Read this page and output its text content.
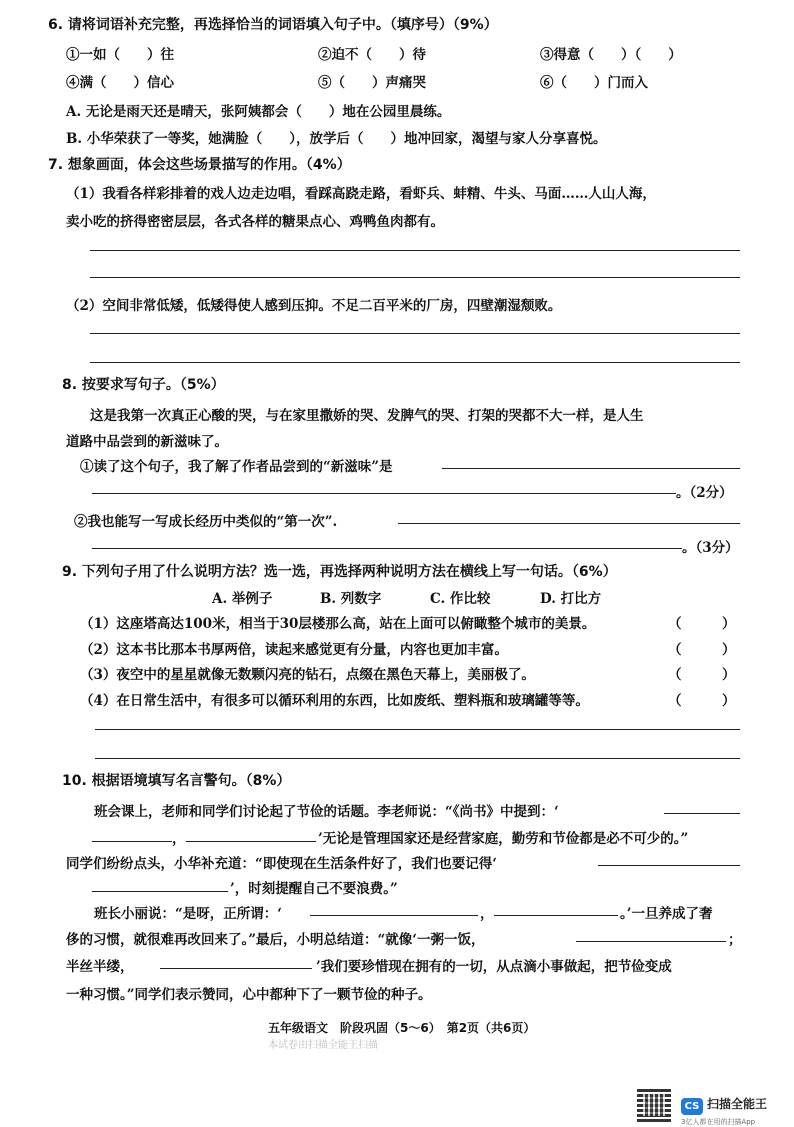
6. 请将词语补充完整，再选择恰当的词语填入句子中。（填序号）（9%）
①一如（　　）往	②迫不（　　）待	③得意（　　）（　　）
④满（　　）信心	⑤（　　）声痛哭	⑥（　　）门而入
A. 无论是雨天还是晴天，张阿姨都会（　　）地在公园里晨练。
B. 小华荣获了一等奖，她满脸（　　），放学后（　　）地冲回家，渴望与家人分享喜悦。
7. 想象画面，体会这些场景描写的作用。（4%）
（1）我看各样彩排着的戏人边走边唱，看踩高跷走路，看虾兵、蚌精、牛头、马面……人山人海，
卖小吃的挤得密密层层，各式各样的糖果点心、鸡鸭鱼肉都有。
（2）空间非常低矮，低矮得使人感到压抑。不足二百平米的厂房，四壁潮湿颓败。
8. 按要求写句子。（5%）
这是我第一次真正心酸的哭，与在家里撒娇的哭、发脾气的哭、打架的哭都不大一样，是人生
道路中品尝到的新滋味了。
①读了这个句子，我了解了作者品尝到的“新滋味”是
。（2分）
②我也能写一写成长经历中类似的“第一次”.
。（3分）
9. 下列句子用了什么说明方法？选一选，再选择两种说明方法在横线上写一句话。（6%）
A. 举例子	B. 列数字	C. 作比较	D. 打比方
（1）这座塔高达100米，相当于30层楼那么高，站在上面可以俯瞰整个城市的美景。	（　　　）
（2）这本书比那本书厚两倍，读起来感觉更有分量，内容也更加丰富。	（　　　）
（3）夜空中的星星就像无数颗闪亮的钻石，点缀在黑色天幕上，美丽极了。	（　　　）
（4）在日常生活中，有很多可以循环利用的东西，比如废纸、塑料瓶和玻璃罐等等。	（　　　）
10. 根据语境填写名言警句。（8%）
班会课上，老师和同学们讨论起了节俭的话题。李老师说：“《尚书》中提到：‘
，	’无论是管理国家还是经营家庭，勤劳和节俭都是必不可少的。”
同学们纷纷点头，小华补充道：“即使现在生活条件好了，我们也要记得‘
’，时刻提醒自己不要浪费。”
班长小丽说：“是呀，正所谓：‘	，	。’一旦养成了奢
侈的习惯，就很难再改回来了。”最后，小明总结道：“就像‘一粥一饭，	；
半丝半缕，	’我们要珍惜现在拥有的一切，从点滴小事做起，把节俭变成
一种习惯。”同学们表示赞同，心中都种下了一颗节俭的种子。
五年级语文　阶段巩固（5～6）　第2页（共6页）
本试卷由扫描全能王扫描
CS 扫描全能王
3亿人都在用的扫描App
